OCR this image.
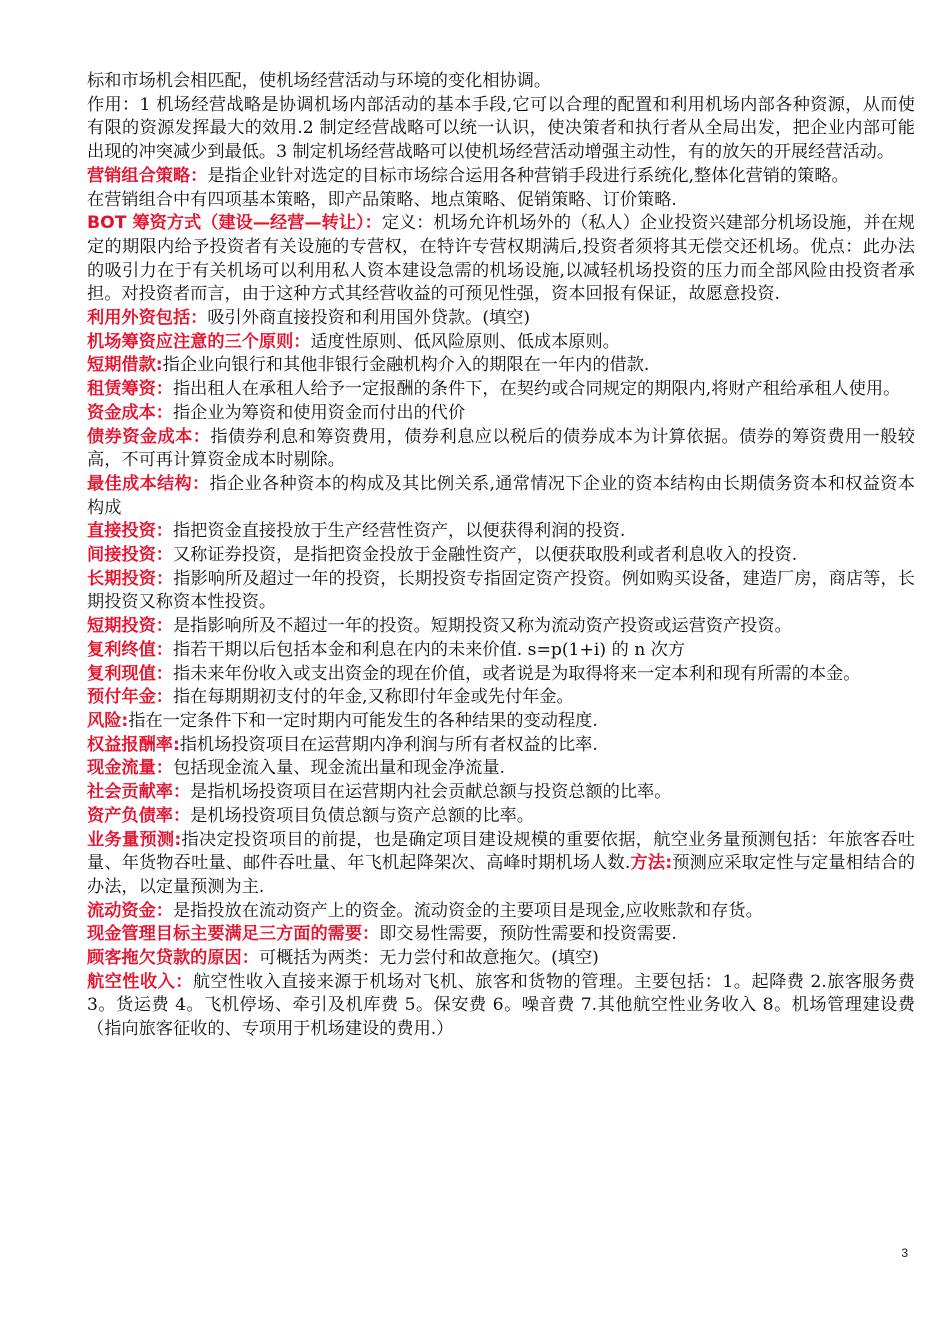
标和市场机会相匹配，使机场经营活动与环境的变化相协调。
作用：1 机场经营战略是协调机场内部活动的基本手段,它可以合理的配置和利用机场内部各种资源，从而使有限的资源发挥最大的效用.2 制定经营战略可以统一认识，使决策者和执行者从全局出发，把企业内部可能出现的冲突减少到最低。3 制定机场经营战略可以使机场经营活动增强主动性，有的放矢的开展经营活动。
营销组合策略：是指企业针对选定的目标市场综合运用各种营销手段进行系统化,整体化营销的策略。
在营销组合中有四项基本策略，即产品策略、地点策略、促销策略、订价策略.
BOT 筹资方式（建设—经营—转让）：定义：机场允许机场外的（私人）企业投资兴建部分机场设施，并在规定的期限内给予投资者有关设施的专营权，在特许专营权期满后,投资者须将其无偿交还机场。优点：此办法的吸引力在于有关机场可以利用私人资本建设急需的机场设施,以减轻机场投资的压力而全部风险由投资者承担。对投资者而言，由于这种方式其经营收益的可预见性强，资本回报有保证，故愿意投资.
利用外资包括：吸引外商直接投资和利用国外贷款。(填空)
机场筹资应注意的三个原则：适度性原则、低风险原则、低成本原则。
短期借款:指企业向银行和其他非银行金融机构介入的期限在一年内的借款.
租赁筹资：指出租人在承租人给予一定报酬的条件下，在契约或合同规定的期限内,将财产租给承租人使用。
资金成本：指企业为筹资和使用资金而付出的代价
债券资金成本：指债券利息和筹资费用，债券利息应以税后的债券成本为计算依据。债券的筹资费用一般较高，不可再计算资金成本时剔除。
最佳成本结构：指企业各种资本的构成及其比例关系,通常情况下企业的资本结构由长期债务资本和权益资本构成
直接投资：指把资金直接投放于生产经营性资产，以便获得利润的投资.
间接投资：又称证券投资，是指把资金投放于金融性资产，以便获取股利或者利息收入的投资.
长期投资：指影响所及超过一年的投资，长期投资专指固定资产投资。例如购买设备，建造厂房，商店等，长期投资又称资本性投资。
短期投资：是指影响所及不超过一年的投资。短期投资又称为流动资产投资或运营资产投资。
复利终值：指若干期以后包括本金和利息在内的未来价值. s=p(1+i) 的 n 次方
复利现值：指未来年份收入或支出资金的现在价值，或者说是为取得将来一定本利和现有所需的本金。
预付年金：指在每期期初支付的年金,又称即付年金或先付年金。
风险:指在一定条件下和一定时期内可能发生的各种结果的变动程度.
权益报酬率:指机场投资项目在运营期内净利润与所有者权益的比率.
现金流量：包括现金流入量、现金流出量和现金净流量.
社会贡献率：是指机场投资项目在运营期内社会贡献总额与投资总额的比率。
资产负债率：是机场投资项目负债总额与资产总额的比率。
业务量预测:指决定投资项目的前提，也是确定项目建设规模的重要依据，航空业务量预测包括：年旅客吞吐量、年货物吞吐量、邮件吞吐量、年飞机起降架次、高峰时期机场人数.方法:预测应采取定性与定量相结合的办法，以定量预测为主.
流动资金：是指投放在流动资产上的资金。流动资金的主要项目是现金,应收账款和存货。
现金管理目标主要满足三方面的需要：即交易性需要，预防性需要和投资需要.
顾客拖欠贷款的原因：可概括为两类：无力尝付和故意拖欠。(填空)
航空性收入：航空性收入直接来源于机场对飞机、旅客和货物的管理。主要包括：1。起降费 2.旅客服务费 3。货运费 4。飞机停场、牵引及机库费 5。保安费 6。噪音费 7.其他航空性业务收入 8。机场管理建设费（指向旅客征收的、专项用于机场建设的费用.）
3
